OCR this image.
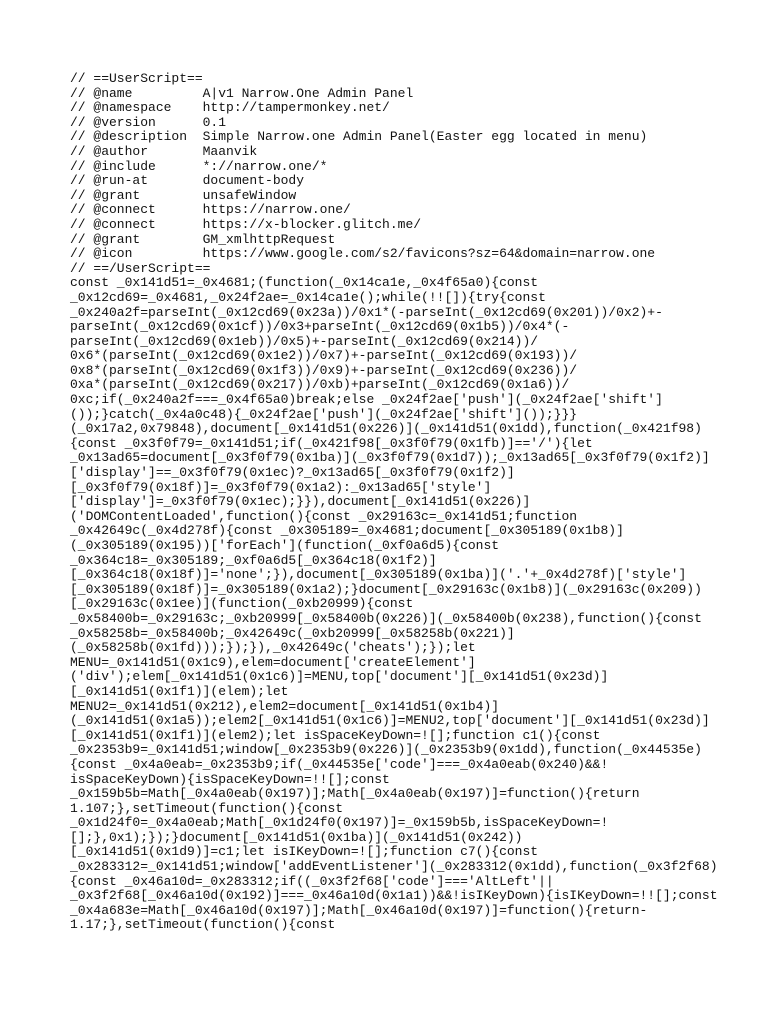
// ==UserScript==
// @name         A|v1 Narrow.One Admin Panel
// @namespace    http://tampermonkey.net/
// @version      0.1
// @description  Simple Narrow.one Admin Panel(Easter egg located in menu)
// @author       Maanvik
// @include      *://narrow.one/*
// @run-at       document-body
// @grant        unsafeWindow
// @connect      https://narrow.one/
// @connect      https://x-blocker.glitch.me/
// @grant        GM_xmlhttpRequest
// @icon         https://www.google.com/s2/favicons?sz=64&domain=narrow.one
// ==/UserScript==
const _0x141d51=_0x4681;(function(_0x14ca1e,_0x4f65a0){const
_0x12cd69=_0x4681,_0x24f2ae=_0x14ca1e();while(!![]){try{const
_0x240a2f=parseInt(_0x12cd69(0x23a))/0x1*(-parseInt(_0x12cd69(0x201))/0x2)+-
parseInt(_0x12cd69(0x1cf))/0x3+parseInt(_0x12cd69(0x1b5))/0x4*(-
parseInt(_0x12cd69(0x1eb))/0x5)+-parseInt(_0x12cd69(0x214))/
0x6*(parseInt(_0x12cd69(0x1e2))/0x7)+-parseInt(_0x12cd69(0x193))/
0x8*(parseInt(_0x12cd69(0x1f3))/0x9)+-parseInt(_0x12cd69(0x236))/
0xa*(parseInt(_0x12cd69(0x217))/0xb)+parseInt(_0x12cd69(0x1a6))/
0xc;if(_0x240a2f===_0x4f65a0)break;else _0x24f2ae['push'](_0x24f2ae['shift']
());}catch(_0x4a0c48){_0x24f2ae['push'](_0x24f2ae['shift']());}}}
(_0x17a2,0x79848),document[_0x141d51(0x226)](_0x141d51(0x1dd),function(_0x421f98)
{const _0x3f0f79=_0x141d51;if(_0x421f98[_0x3f0f79(0x1fb)]=='/'){let
_0x13ad65=document[_0x3f0f79(0x1ba)](_0x3f0f79(0x1d7));_0x13ad65[_0x3f0f79(0x1f2)]
['display']==_0x3f0f79(0x1ec)?_0x13ad65[_0x3f0f79(0x1f2)]
[_0x3f0f79(0x18f)]=_0x3f0f79(0x1a2):_0x13ad65['style']
['display']=_0x3f0f79(0x1ec);}}),document[_0x141d51(0x226)]
('DOMContentLoaded',function(){const _0x29163c=_0x141d51;function
_0x42649c(_0x4d278f){const _0x305189=_0x4681;document[_0x305189(0x1b8)]
(_0x305189(0x195))['forEach'](function(_0xf0a6d5){const
_0x364c18=_0x305189;_0xf0a6d5[_0x364c18(0x1f2)]
[_0x364c18(0x18f)]='none';}),document[_0x305189(0x1ba)]('.'+_0x4d278f)['style']
[_0x305189(0x18f)]=_0x305189(0x1a2);}document[_0x29163c(0x1b8)](_0x29163c(0x209))
[_0x29163c(0x1ee)](function(_0xb20999){const
_0x58400b=_0x29163c;_0xb20999[_0x58400b(0x226)](_0x58400b(0x238),function(){const
_0x58258b=_0x58400b;_0x42649c(_0xb20999[_0x58258b(0x221)]
(_0x58258b(0x1fd)));});}),_0x42649c('cheats');});let
MENU=_0x141d51(0x1c9),elem=document['createElement']
('div');elem[_0x141d51(0x1c6)]=MENU,top['document'][_0x141d51(0x23d)]
[_0x141d51(0x1f1)](elem);let
MENU2=_0x141d51(0x212),elem2=document[_0x141d51(0x1b4)]
(_0x141d51(0x1a5));elem2[_0x141d51(0x1c6)]=MENU2,top['document'][_0x141d51(0x23d)]
[_0x141d51(0x1f1)](elem2);let isSpaceKeyDown=![];function c1(){const
_0x2353b9=_0x141d51;window[_0x2353b9(0x226)](_0x2353b9(0x1dd),function(_0x44535e)
{const _0x4a0eab=_0x2353b9;if(_0x44535e['code']===_0x4a0eab(0x240)&&!
isSpaceKeyDown){isSpaceKeyDown=!![];const
_0x159b5b=Math[_0x4a0eab(0x197)];Math[_0x4a0eab(0x197)]=function(){return
1.107;},setTimeout(function(){const
_0x1d24f0=_0x4a0eab;Math[_0x1d24f0(0x197)]=_0x159b5b,isSpaceKeyDown=!
[];},0x1);});}document[_0x141d51(0x1ba)](_0x141d51(0x242))
[_0x141d51(0x1d9)]=c1;let isIKeyDown=![];function c7(){const
_0x283312=_0x141d51;window['addEventListener'](_0x283312(0x1dd),function(_0x3f2f68)
{const _0x46a10d=_0x283312;if((_0x3f2f68['code']==='AltLeft'||
_0x3f2f68[_0x46a10d(0x192)]===_0x46a10d(0x1a1))&&!isIKeyDown){isIKeyDown=!![];const
_0x4a683e=Math[_0x46a10d(0x197)];Math[_0x46a10d(0x197)]=function(){return-
1.17;},setTimeout(function(){const
